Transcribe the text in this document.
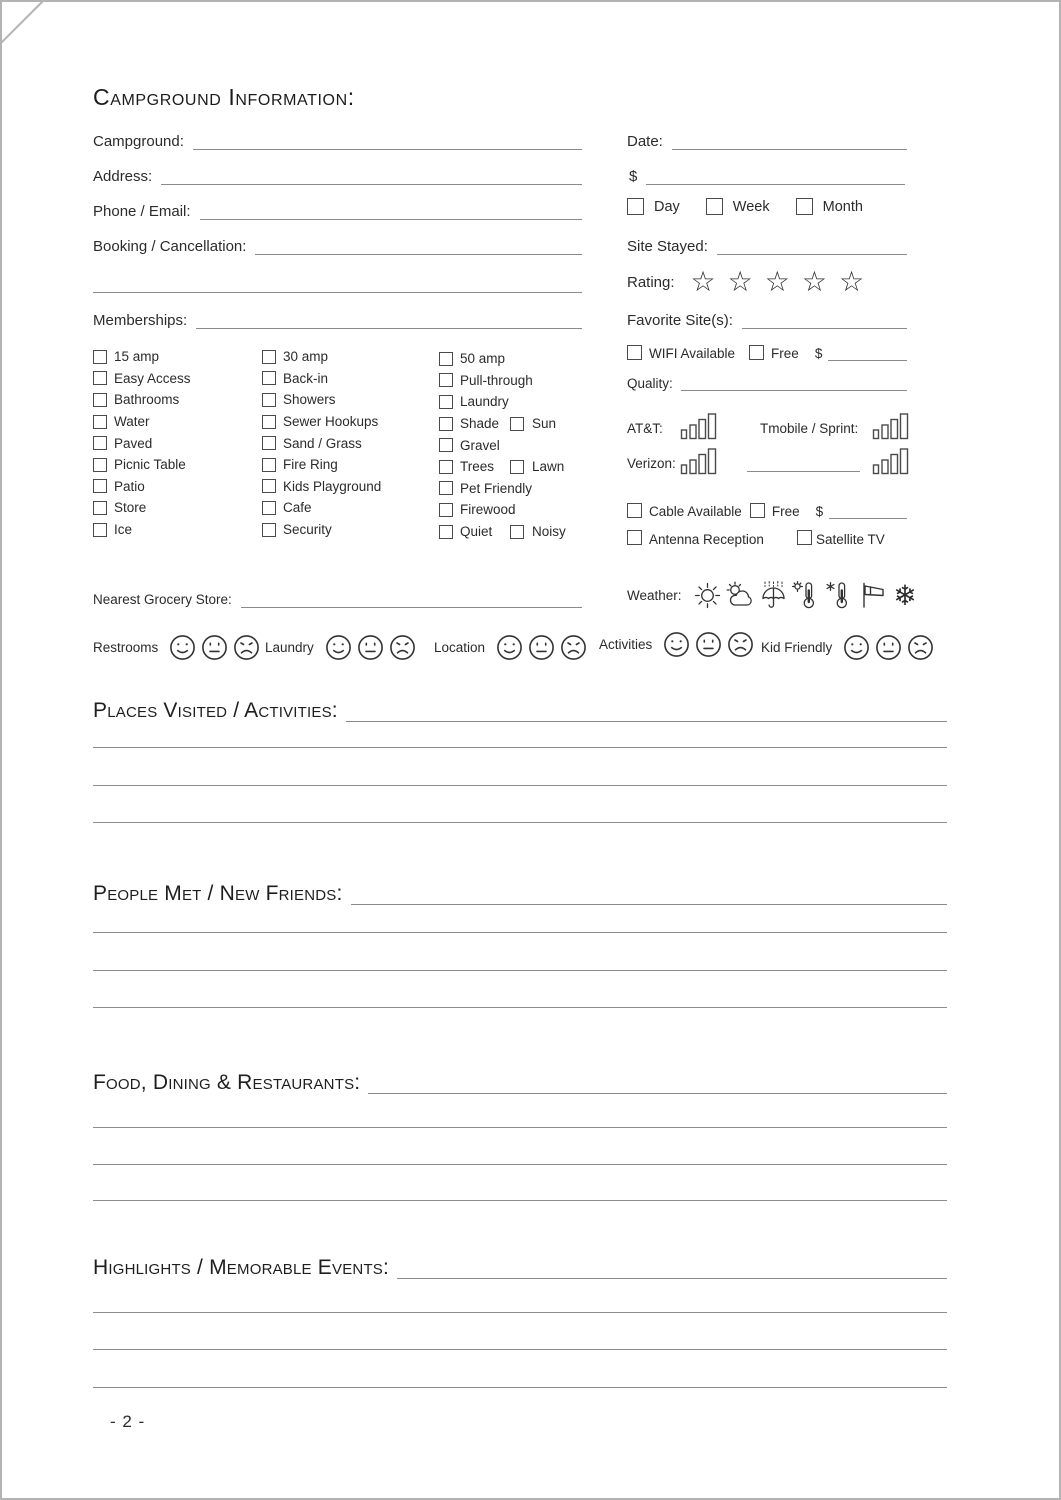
Campground Information:
Campground:
Address:
Phone / Email:
Booking / Cancellation:
Memberships:
Date:
$
Day	Week	Month
Site Stayed:
Rating: ☆☆☆☆☆
Favorite Site(s):
15 amp
Easy Access
Bathrooms
Water
Paved
Picnic Table
Patio
Store
Ice
30 amp
Back-in
Showers
Sewer Hookups
Sand / Grass
Fire Ring
Kids Playground
Cafe
Security
50 amp
Pull-through
Laundry
Shade Sun
Gravel
Trees	Lawn
Pet Friendly
Firewood
Quiet	Noisy
WIFI Available	Free $
Quality:
AT&T:	Tmobile / Sprint:
Verizon:
Cable Available Free $
Antenna Reception	Satellite TV
Weather:	❄
Nearest Grocery Store:
Restrooms	Laundry	Location	Activities	Kid Friendly
Places Visited / Activities:
People Met / New Friends:
Food, Dining & Restaurants:
Highlights / Memorable Events:
- 2 -
